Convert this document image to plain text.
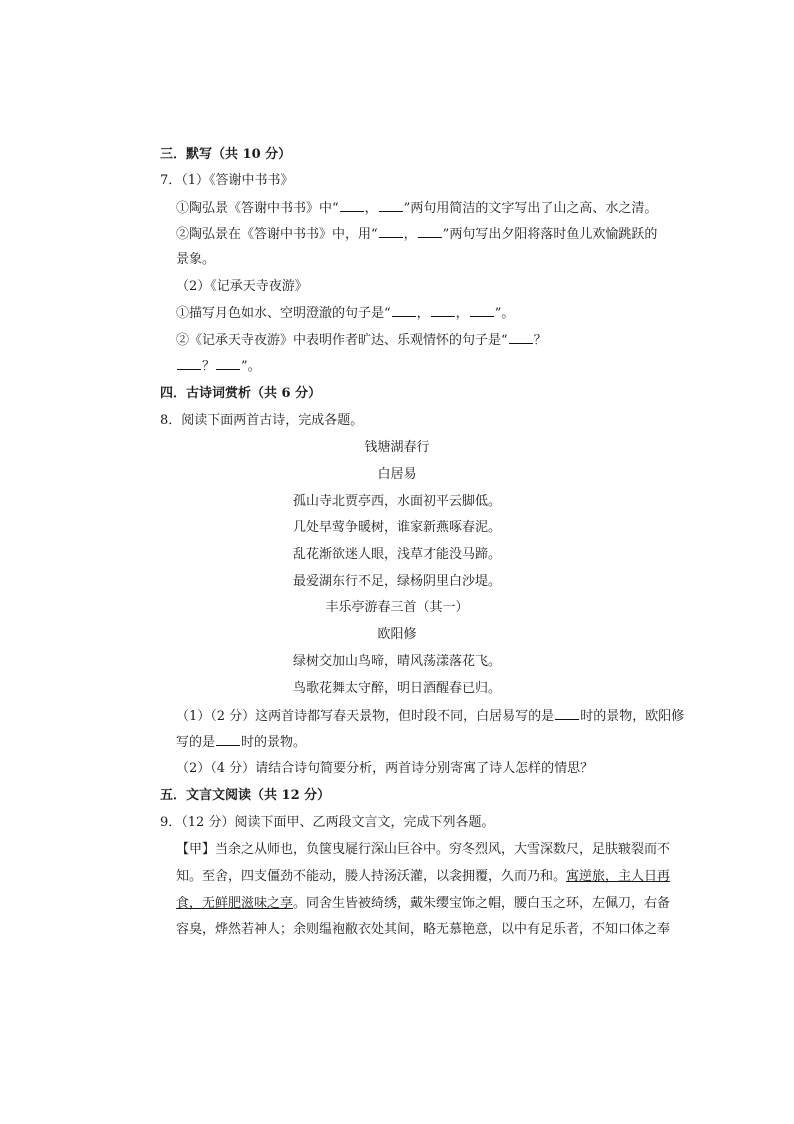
三．默写（共 10 分）
7．（1）《答谢中书书》
①陶弘景《答谢中书书》中“ ， ”两句用简洁的文字写出了山之高、水之清。
②陶弘景在《答谢中书书》中，用“ ， ”两句写出夕阳将落时鱼儿欢愉跳跃的
景象。
（2）《记承天寺夜游》
①描写月色如水、空明澄澈的句子是“ ， ， ”。
②《记承天寺夜游》中表明作者旷达、乐观情怀的句子是“ ？
？ ”。
四．古诗词赏析（共 6 分）
8．阅读下面两首古诗，完成各题。
钱塘湖春行
白居易
孤山寺北贾亭西，水面初平云脚低。
几处早莺争暖树，谁家新燕啄春泥。
乱花渐欲迷人眼，浅草才能没马蹄。
最爱湖东行不足，绿杨阴里白沙堤。
丰乐亭游春三首（其一）
欧阳修
绿树交加山鸟啼，晴风荡漾落花飞。
鸟歌花舞太守醉，明日酒醒春已归。
（1）（2 分）这两首诗都写春天景物，但时段不同，白居易写的是 时的景物，欧阳修
写的是 时的景物。
（2）（4 分）请结合诗句简要分析，两首诗分别寄寓了诗人怎样的情思？
五．文言文阅读（共 12 分）
9．（12 分）阅读下面甲、乙两段文言文，完成下列各题。
【甲】当余之从师也，负箧曳屣行深山巨谷中。穷冬烈风，大雪深数尺，足肤皲裂而不
知。至舍，四支僵劲不能动，媵人持汤沃灌，以衾拥覆，久而乃和。寓逆旅，主人日再
食，无鲜肥滋味之享。同舍生皆被绮绣，戴朱缨宝饰之帽，腰白玉之环，左佩刀，右备
容臭，烨然若神人；余则缊袍敝衣处其间，略无慕艳意，以中有足乐者，不知口体之奉
